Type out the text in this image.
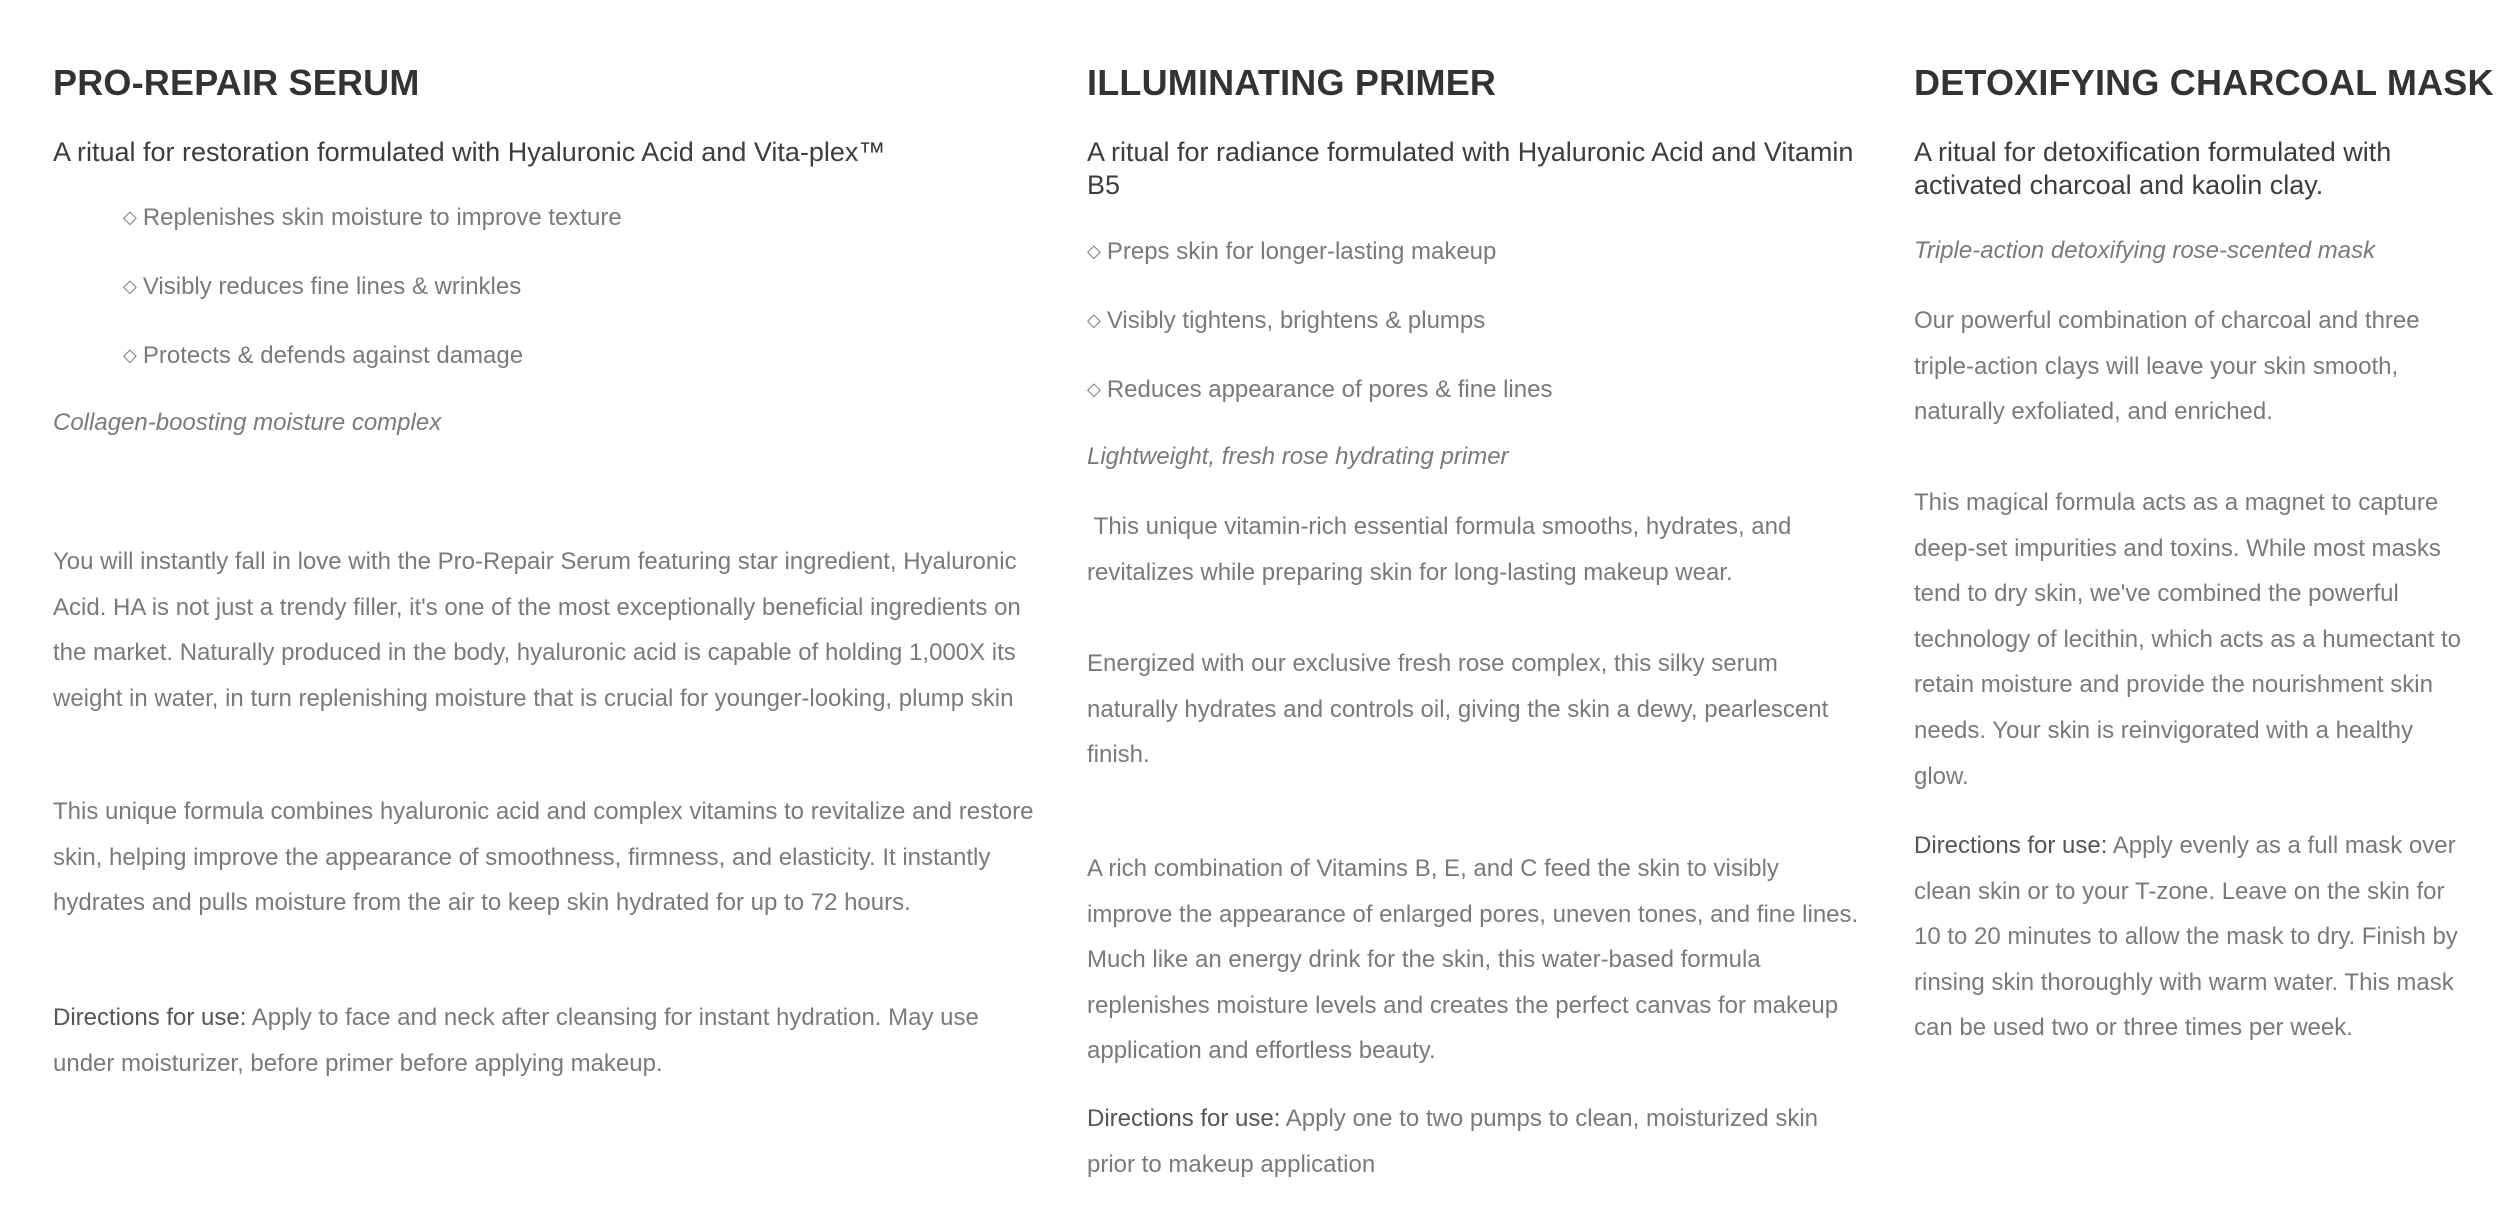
PRO-REPAIR SERUM

A ritual for restoration formulated with Hyaluronic Acid and Vita-plex™

◇ Replenishes skin moisture to improve texture
◇ Visibly reduces fine lines & wrinkles
◇ Protects & defends against damage

Collagen-boosting moisture complex

You will instantly fall in love with the Pro-Repair Serum featuring star ingredient, Hyaluronic Acid. HA is not just a trendy filler, it's one of the most exceptionally beneficial ingredients on the market. Naturally produced in the body, hyaluronic acid is capable of holding 1,000X its weight in water, in turn replenishing moisture that is crucial for younger-looking, plump skin

This unique formula combines hyaluronic acid and complex vitamins to revitalize and restore skin, helping improve the appearance of smoothness, firmness, and elasticity. It instantly hydrates and pulls moisture from the air to keep skin hydrated for up to 72 hours.

Directions for use: Apply to face and neck after cleansing for instant hydration. May use under moisturizer, before primer before applying makeup.

ILLUMINATING PRIMER

A ritual for radiance formulated with Hyaluronic Acid and Vitamin B5

◇ Preps skin for longer-lasting makeup
◇ Visibly tightens, brightens & plumps
◇ Reduces appearance of pores & fine lines

Lightweight, fresh rose hydrating primer

This unique vitamin-rich essential formula smooths, hydrates, and revitalizes while preparing skin for long-lasting makeup wear.

Energized with our exclusive fresh rose complex, this silky serum naturally hydrates and controls oil, giving the skin a dewy, pearlescent finish.

A rich combination of Vitamins B, E, and C feed the skin to visibly improve the appearance of enlarged pores, uneven tones, and fine lines. Much like an energy drink for the skin, this water-based formula replenishes moisture levels and creates the perfect canvas for makeup application and effortless beauty.

Directions for use: Apply one to two pumps to clean, moisturized skin prior to makeup application

DETOXIFYING CHARCOAL MASK

A ritual for detoxification formulated with activated charcoal and kaolin clay.

Triple-action detoxifying rose-scented mask

Our powerful combination of charcoal and three triple-action clays will leave your skin smooth, naturally exfoliated, and enriched.

This magical formula acts as a magnet to capture deep-set impurities and toxins. While most masks tend to dry skin, we've combined the powerful technology of lecithin, which acts as a humectant to retain moisture and provide the nourishment skin needs. Your skin is reinvigorated with a healthy glow.

Directions for use: Apply evenly as a full mask over clean skin or to your T-zone. Leave on the skin for 10 to 20 minutes to allow the mask to dry. Finish by rinsing skin thoroughly with warm water. This mask can be used two or three times per week.
